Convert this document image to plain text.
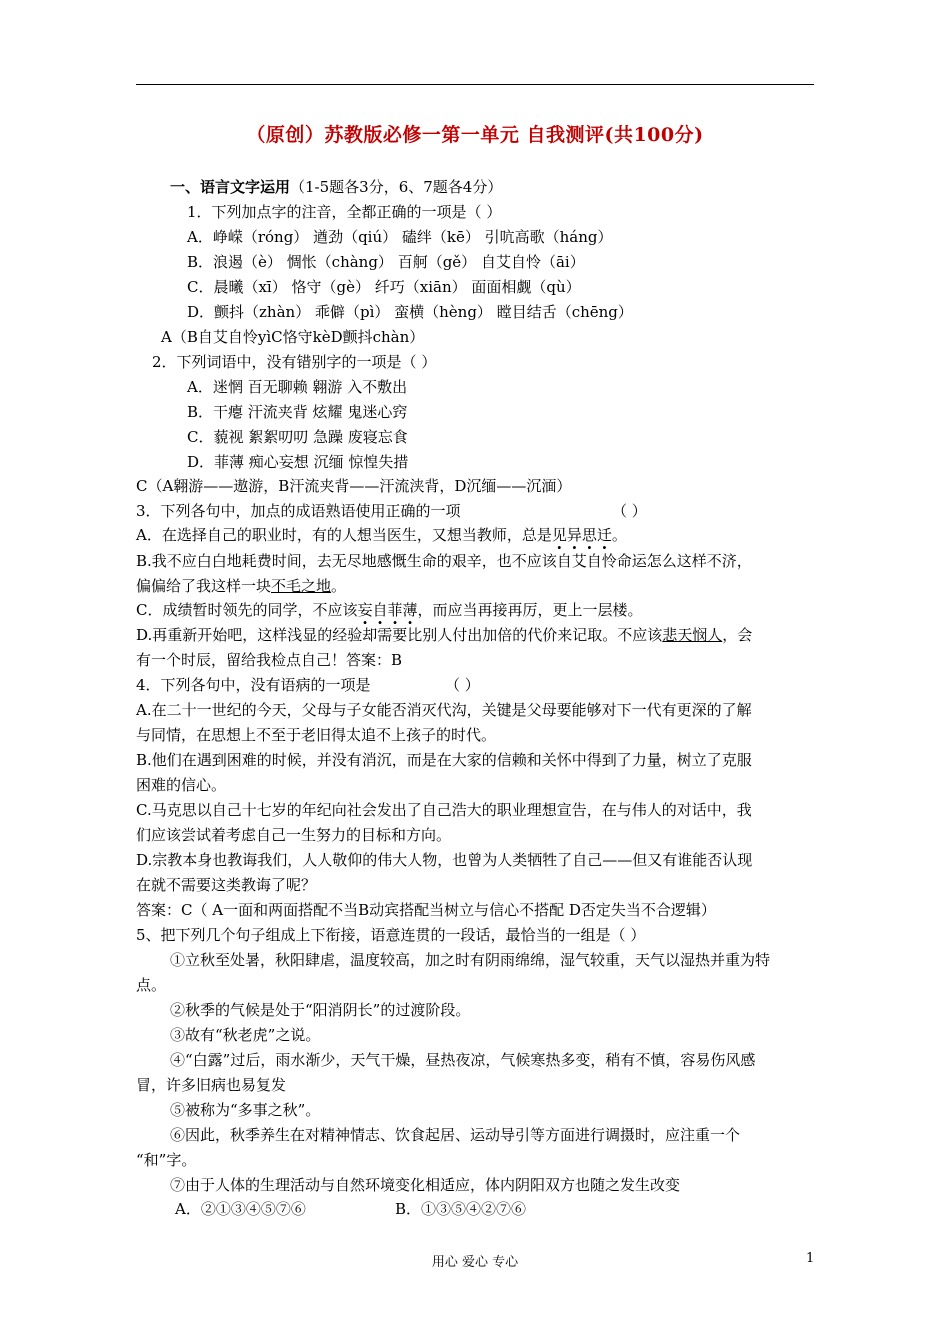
（原创）苏教版必修一第一单元 自我测评(共100分)
一、语言文字运用（1-5题各3分，6、7题各4分）
1．下列加点字的注音，全都正确的一项是（ ）
A．峥嵘（róng） 遒劲（qiú） 磕绊（kē） 引吭高歌（háng）
B．浪遏（è） 惆怅（chàng） 百舸（gě） 自艾自怜（āi）
C．晨曦（xī） 恪守（gè） 纤巧（xiān） 面面相觑（qù）
D．颤抖（zhàn） 乖僻（pì） 蛮横（hèng） 瞠目结舌（chēng）
A（B自艾自怜yìC恪守kèD颤抖chàn）
2．下列词语中，没有错别字的一项是（ ）
A．迷惘 百无聊赖 翱游 入不敷出
B．干瘪 汗流夹背 炫耀 鬼迷心窍
C．藐视 絮絮叨叨 急躁 废寝忘食
D．菲薄 痴心妄想 沉缅 惊惶失措
C（A翱游——遨游，B汗流夹背——汗流浃背，D沉缅——沉湎）
3．下列各句中，加点的成语熟语使用正确的一项	（ ）
A．在选择自己的职业时，有的人想当医生，又想当教师，总是见异思迁。
B.我不应白白地耗费时间，去无尽地感慨生命的艰辛，也不应该自艾自怜命运怎么这样不济，
偏偏给了我这样一块不毛之地。
C．成绩暂时领先的同学，不应该妄自菲薄，而应当再接再厉，更上一层楼。
D.再重新开始吧，这样浅显的经验却需要比别人付出加倍的代价来记取。不应该悲天悯人，会
有一个时辰，留给我检点自己！答案：B
4．下列各句中，没有语病的一项是	（ ）
A.在二十一世纪的今天，父母与子女能否消灭代沟，关键是父母要能够对下一代有更深的了解
与同情，在思想上不至于老旧得太追不上孩子的时代。
B.他们在遇到困难的时候，并没有消沉，而是在大家的信赖和关怀中得到了力量，树立了克服
困难的信心。
C.马克思以自己十七岁的年纪向社会发出了自己浩大的职业理想宣告，在与伟人的对话中，我
们应该尝试着考虑自己一生努力的目标和方向。
D.宗教本身也教诲我们，人人敬仰的伟大人物，也曾为人类牺牲了自己——但又有谁能否认现
在就不需要这类教诲了呢？
答案：C（ A一面和两面搭配不当B动宾搭配当树立与信心不搭配 D否定失当不合逻辑）
5、把下列几个句子组成上下衔接，语意连贯的一段话，最恰当的一组是（ ）
①立秋至处暑，秋阳肆虐，温度较高，加之时有阴雨绵绵，湿气较重，天气以湿热并重为特
点。
②秋季的气候是处于“阳消阴长”的过渡阶段。
③故有“秋老虎”之说。
④“白露”过后，雨水渐少，天气干燥，昼热夜凉，气候寒热多变，稍有不慎，容易伤风感
冒，许多旧病也易复发
⑤被称为“多事之秋”。
⑥因此，秋季养生在对精神情志、饮食起居、运动导引等方面进行调摄时，应注重一个
“和”字。
⑦由于人体的生理活动与自然环境变化相适应，体内阴阳双方也随之发生改变
A．②①③④⑤⑦⑥	B．①③⑤④②⑦⑥
用心 爱心 专心	1
